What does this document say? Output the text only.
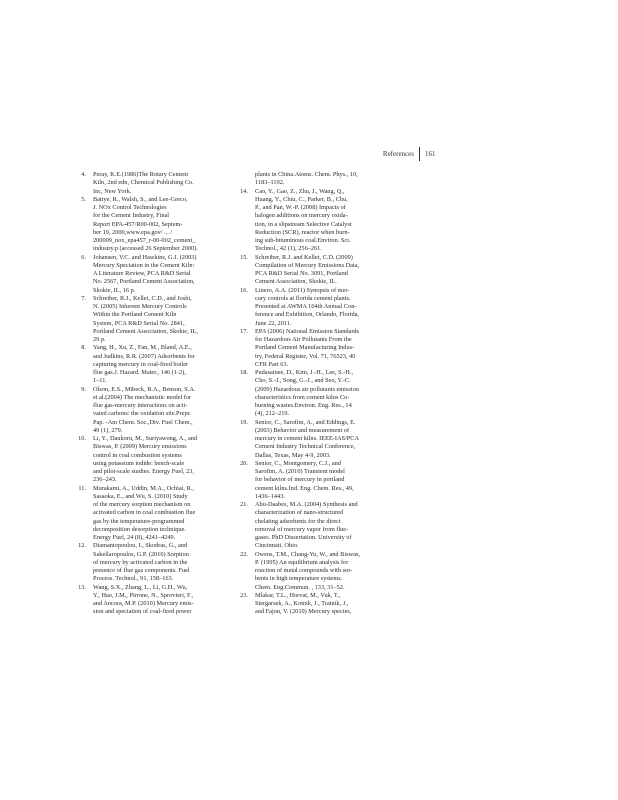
References 161
4.	Peray, K.E.(1986)The Rotary Cement
Kiln, 2nd edn, Chemical Publishing Co.
Inc, New York.
5.	Battye, R., Walsh, S., and Lee-Greco,
J. NOx Control Technologies
for the Cement Industry, Final
Report EPA-457/R00-002, Septem-
ber 19, 2000,www.epa.gov/ ... /
200009_nox_epa457_r-00-002_cement_
industry.p (accessed 26 September 2000).
6.	Johansen, V.C. and Hawkins, G.J. (2003)
Mercury Speciation in the Cement Kiln:
A Literature Review, PCA R&D Serial
No. 2567, Portland Cement Association,
Skokie, IL, 16 p.
7.	Schreiber, R.J., Kellet, C.D., and Joshi,
N. (2005) Inherent Mercury Controls
Within the Portland Cement Kiln
System, PCA R&D Serial No. 2841,
Portland Cement Association, Skokie, IL,
29 p.
8.	Yang, H., Xu, Z., Fan, M., Bland, A.E.,
and Judkins, R.R. (2007) Adsorbents for
capturing mercury in coal-fired boiler
flue gas.J. Hazard. Mater., 146 (1-2),
1–11.
9.	Olson, E.S., Mibeck, B.A., Benson, S.A.
et al.(2004) The mechanistic model for
flue gas-mercury interactions on acti-
vated carbons: the oxidation site.Prepr.
Pap. -Am Chem. Soc.,Div. Fuel Chem.,
49 (1), 279.
10.	Li, Y., Daukoru, M., Suriyawong, A., and
Biswas, P. (2009) Mercury emissions
control in coal combustion systems
using potassium iodide: bench-scale
and pilot-scale studies. Energy Fuel, 23,
236–243.
11.	Murakami, A., Uddin, M.A., Ochiai, R.,
Sasaoka, E., and Wu, S. (2010) Study
of the mercury sorption mechanism on
activated carbon in coal combustion flue
gas by the temperature-programmed
decomposition desorption technique.
Energy Fuel, 24 (8), 4241–4249.
12.	Diamantopoulou, I., Skodras, G., and
Sakellaropoulos, G.P. (2010) Sorption
of mercury by activated carbon in the
presence of flue gas components. Fuel
Process. Technol., 91, 158–163.
13.	Wang, S.X., Zhang, L., Li, G.H., Wu,
Y., Hao, J.M., Pirrone, N., Sprovieri, F.,
and Ancora, M.P. (2010) Mercury emis-
sion and speciation of coal-fired power
plants in China.Atoms. Chem. Phys., 10,
1183–1192.
14.	Cao, Y., Gao, Z., Zhu, J., Wang, Q.,
Huang, Y., Chiu, C., Parker, B., Chu,
P., and Pan, W.-P. (2008) Impacts of
halogen additions on mercury oxida-
tion, in a slipstream Selective Catalyst
Reduction (SCR), reactor when burn-
ing sub-bituminous coal.Environ. Sci.
Technol., 42 (1), 256–261.
15.	Schreiber, R.J. and Kellet, C.D. (2009)
Compilation of Mercury Emissions Data,
PCA R&D Serial No. 3091, Portland
Cement Association, Skokie, IL.
16.	Linero, A.A. (2011) Synopsis of mer-
cury controls at florida cement plants.
Presented at AWMA 104th Annual Con-
ference and Exhibition, Orlando, Florida,
June 22, 2011.
17.	EPA (2006) National Emission Standards
for Hazardous Air Pollutants From the
Portland Cement Manufacturing Indus-
try, Federal Register, Vol. 71, 76523, 40
CFR Part 63.
18.	Pudasainee, D., Kim, J.-H., Lee, S.-H.,
Cho, S.-J., Song, G.-J., and Seo, Y.-C.
(2009) Hazardous air pollutants emission
characteristics from cement kilns Co-
burning wastes.Environ. Eng. Res., 14
(4), 212–219.
19.	Senior, C., Sarofim, A., and Eddings, E.
(2003) Behavior and measurement of
mercury in cement kilns. IEEE-IAS/PCA
Cement Industry Technical Conference,
Dallas, Texas, May 4-9, 2003.
20.	Senior, C., Montgomery, C.J., and
Sarofim, A. (2010) Transient model
for behavior of mercury in portland
cement kilns.Ind. Eng. Chem. Res., 49,
1436–1443.
21.	Abu-Daabes, M.A. (2004) Synthesis and
characterization of nano-structured
chelating adsorbents for the direct
removal of mercury vapor from flue-
gases. PhD Dissertation. University of
Cincinnati, Ohio.
22.	Owens, T.M., Chang-Yu, W., and Biswas,
P. (1995) An equilibrium analysis for
reaction of metal compounds with sor-
bents in high temperature systems.
Chem. Eng.Commun. , 133, 31–52.
23.	Mlakar, T.L., Horvat, M., Vuk, T.,
Stergarsek, A., Kotnik, J., Tratnik, J.,
and Fajon, V. (2010) Mercury species,
